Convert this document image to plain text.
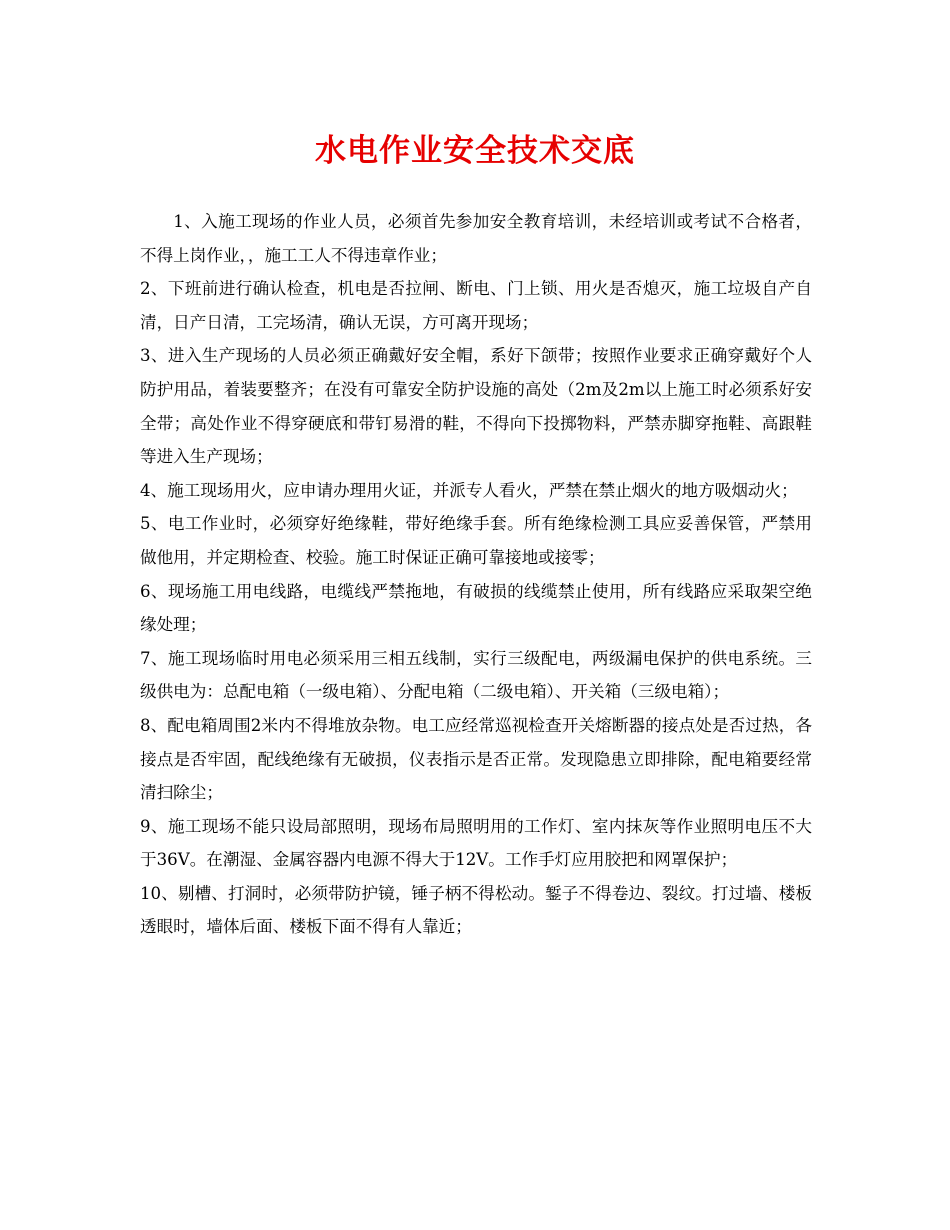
水电作业安全技术交底

1、入施工现场的作业人员，必须首先参加安全教育培训，未经培训或考试不合格者，不得上岗作业，，施工工人不得违章作业；

2、下班前进行确认检查，机电是否拉闸、断电、门上锁、用火是否熄灭，施工垃圾自产自清，日产日清，工完场清，确认无误，方可离开现场；

3、进入生产现场的人员必须正确戴好安全帽，系好下颌带；按照作业要求正确穿戴好个人防护用品，着装要整齐；在没有可靠安全防护设施的高处（2m及2m以上施工时必须系好安全带；高处作业不得穿硬底和带钉易滑的鞋，不得向下投掷物料，严禁赤脚穿拖鞋、高跟鞋等进入生产现场；

4、施工现场用火，应申请办理用火证，并派专人看火，严禁在禁止烟火的地方吸烟动火；

5、电工作业时，必须穿好绝缘鞋，带好绝缘手套。所有绝缘检测工具应妥善保管，严禁用做他用，并定期检查、校验。施工时保证正确可靠接地或接零；

6、现场施工用电线路，电缆线严禁拖地，有破损的线缆禁止使用，所有线路应采取架空绝缘处理；

7、施工现场临时用电必须采用三相五线制，实行三级配电，两级漏电保护的供电系统。三级供电为：总配电箱（一级电箱）、分配电箱（二级电箱）、开关箱（三级电箱）；

8、配电箱周围2米内不得堆放杂物。电工应经常巡视检查开关熔断器的接点处是否过热，各接点是否牢固，配线绝缘有无破损，仪表指示是否正常。发现隐患立即排除，配电箱要经常清扫除尘；

9、施工现场不能只设局部照明，现场布局照明用的工作灯、室内抹灰等作业照明电压不大于36V。在潮湿、金属容器内电源不得大于12V。工作手灯应用胶把和网罩保护；

10、剔槽、打洞时，必须带防护镜，锤子柄不得松动。錾子不得卷边、裂纹。打过墙、楼板透眼时，墙体后面、楼板下面不得有人靠近；
